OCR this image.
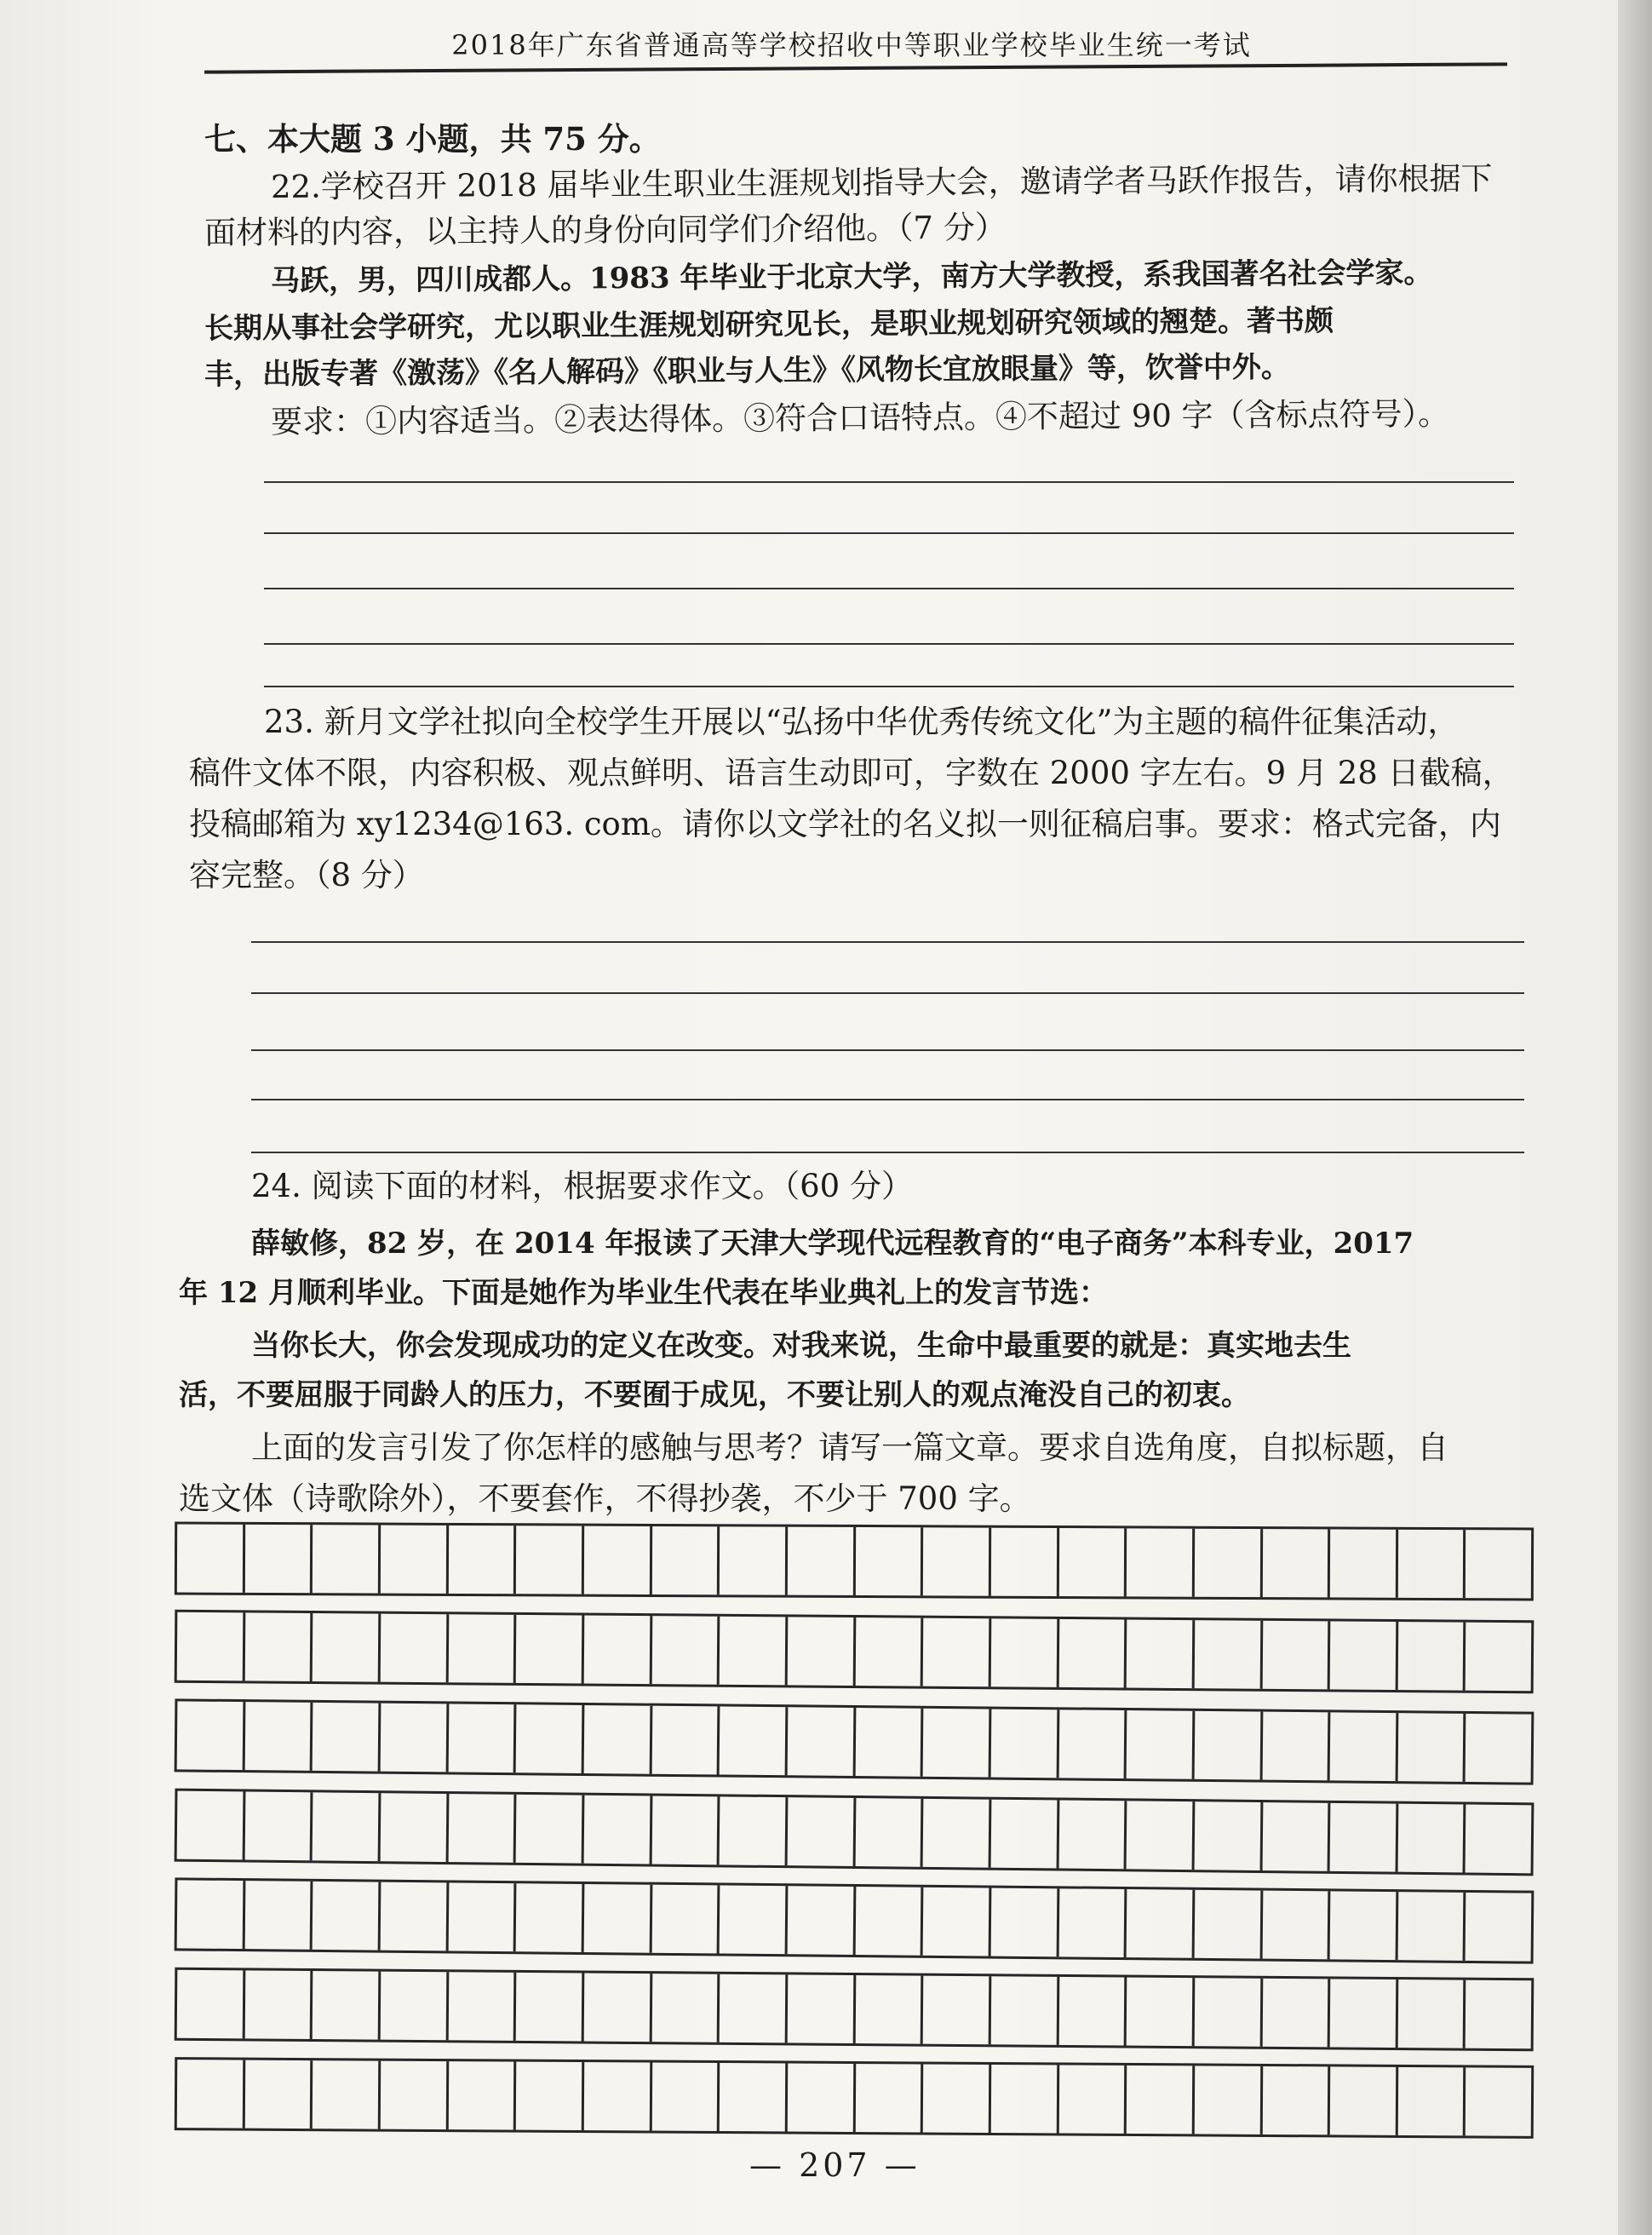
2018年广东省普通高等学校招收中等职业学校毕业生统一考试
七、本大题 3 小题，共 75 分。
22.学校召开 2018 届毕业生职业生涯规划指导大会，邀请学者马跃作报告，请你根据下
面材料的内容，以主持人的身份向同学们介绍他。（7 分）
马跃，男，四川成都人。1983 年毕业于北京大学，南方大学教授，系我国著名社会学家。
长期从事社会学研究，尤以职业生涯规划研究见长，是职业规划研究领域的翘楚。著书颇
丰，出版专著《激荡》《名人解码》《职业与人生》《风物长宜放眼量》等，饮誉中外。
要求：①内容适当。②表达得体。③符合口语特点。④不超过 90 字（含标点符号）。
23. 新月文学社拟向全校学生开展以“弘扬中华优秀传统文化”为主题的稿件征集活动，
稿件文体不限，内容积极、观点鲜明、语言生动即可，字数在 2000 字左右。9 月 28 日截稿，
投稿邮箱为 xy1234@163. com。请你以文学社的名义拟一则征稿启事。要求：格式完备，内
容完整。（8 分）
24. 阅读下面的材料，根据要求作文。（60 分）
薛敏修，82 岁，在 2014 年报读了天津大学现代远程教育的“电子商务”本科专业，2017
年 12 月顺利毕业。下面是她作为毕业生代表在毕业典礼上的发言节选：
当你长大，你会发现成功的定义在改变。对我来说，生命中最重要的就是：真实地去生
活，不要屈服于同龄人的压力，不要囿于成见，不要让别人的观点淹没自己的初衷。
上面的发言引发了你怎样的感触与思考？请写一篇文章。要求自选角度，自拟标题，自
选文体（诗歌除外），不要套作，不得抄袭，不少于 700 字。
— 207 —
